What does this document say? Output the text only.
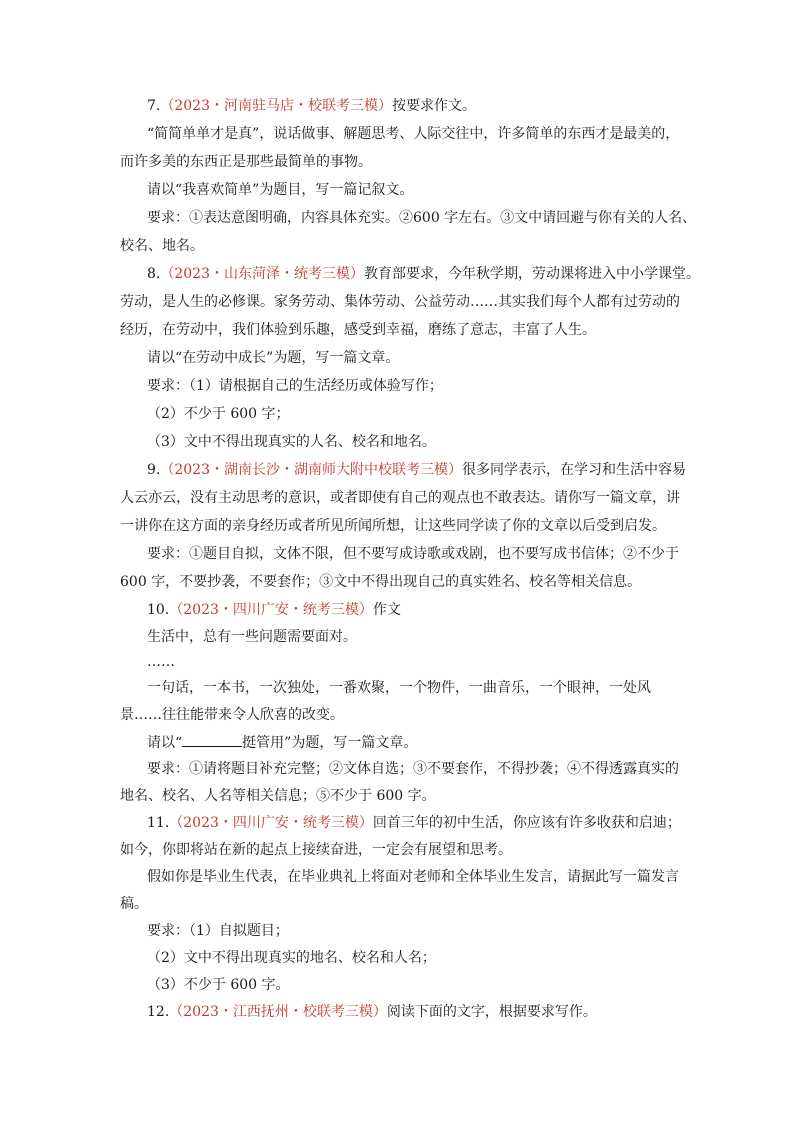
7.（2023・河南驻马店・校联考三模）按要求作文。
“简简单单才是真”，说话做事、解题思考、人际交往中，许多简单的东西才是最美的，
而许多美的东西正是那些最简单的事物。
请以“我喜欢简单”为题目，写一篇记叙文。
要求：①表达意图明确，内容具体充实。②600 字左右。③文中请回避与你有关的人名、
校名、地名。
8.（2023・山东菏泽・统考三模）教育部要求，今年秋学期，劳动课将进入中小学课堂。
劳动，是人生的必修课。家务劳动、集体劳动、公益劳动……其实我们每个人都有过劳动的
经历，在劳动中，我们体验到乐趣，感受到幸福，磨练了意志，丰富了人生。
请以“在劳动中成长”为题，写一篇文章。
要求：（1）请根据自己的生活经历或体验写作；
（2）不少于 600 字；
（3）文中不得出现真实的人名、校名和地名。
9.（2023・湖南长沙・湖南师大附中校联考三模）很多同学表示，在学习和生活中容易
人云亦云，没有主动思考的意识，或者即使有自己的观点也不敢表达。请你写一篇文章，讲
一讲你在这方面的亲身经历或者所见所闻所想，让这些同学读了你的文章以后受到启发。
要求：①题目自拟，文体不限，但不要写成诗歌或戏剧，也不要写成书信体；②不少于
600 字，不要抄袭，不要套作；③文中不得出现自己的真实姓名、校名等相关信息。
10.（2023・四川广安・统考三模）作文
生活中，总有一些问题需要面对。
……
一句话，一本书，一次独处，一番欢聚，一个物件，一曲音乐，一个眼神，一处风
景……往往能带来令人欣喜的改变。
请以“	挺管用”为题，写一篇文章。
要求：①请将题目补充完整；②文体自选；③不要套作，不得抄袭；④不得透露真实的
地名、校名、人名等相关信息；⑤不少于 600 字。
11.（2023・四川广安・统考三模）回首三年的初中生活，你应该有许多收获和启迪；
如今，你即将站在新的起点上接续奋进，一定会有展望和思考。
假如你是毕业生代表，在毕业典礼上将面对老师和全体毕业生发言，请据此写一篇发言
稿。
要求：（1）自拟题目；
（2）文中不得出现真实的地名、校名和人名；
（3）不少于 600 字。
12.（2023・江西抚州・校联考三模）阅读下面的文字，根据要求写作。
